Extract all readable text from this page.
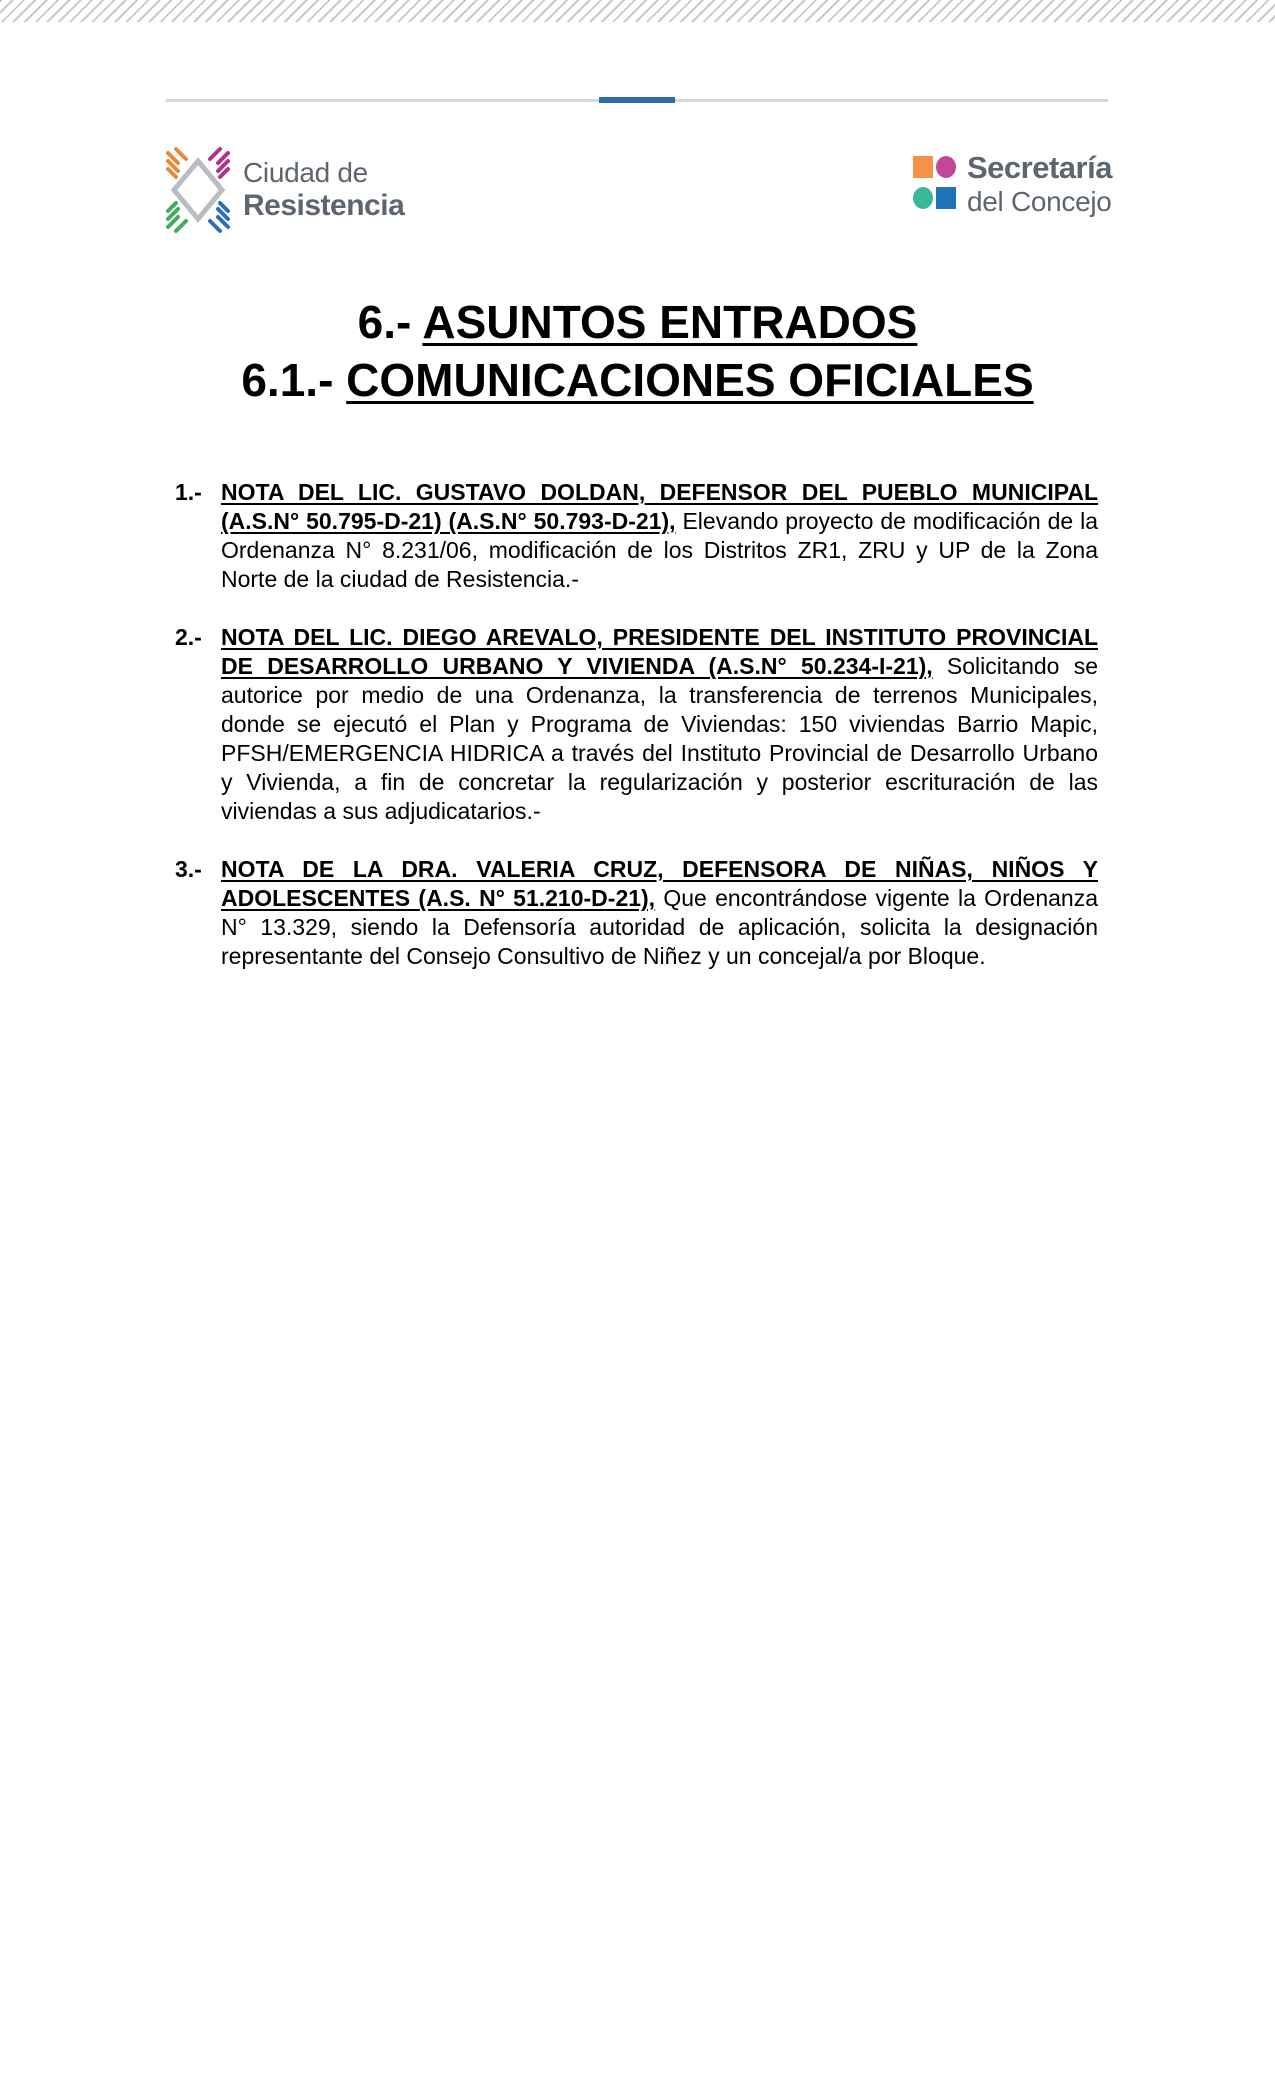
Ciudad de
Resistencia
Secretaría
del Concejo
6.- ASUNTOS ENTRADOS
6.1.- COMUNICACIONES OFICIALES
1.- NOTA DEL LIC. GUSTAVO DOLDAN, DEFENSOR DEL PUEBLO MUNICIPAL (A.S.N° 50.795-D-21) (A.S.N° 50.793-D-21), Elevando proyecto de modificación de la Ordenanza N° 8.231/06, modificación de los Distritos ZR1, ZRU y UP de la Zona Norte de la ciudad de Resistencia.-
2.- NOTA DEL LIC. DIEGO AREVALO, PRESIDENTE DEL INSTITUTO PROVINCIAL DE DESARROLLO URBANO Y VIVIENDA (A.S.N° 50.234-I-21), Solicitando se autorice por medio de una Ordenanza, la transferencia de terrenos Municipales, donde se ejecutó el Plan y Programa de Viviendas: 150 viviendas Barrio Mapic, PFSH/EMERGENCIA HIDRICA a través del Instituto Provincial de Desarrollo Urbano y Vivienda, a fin de concretar la regularización y posterior escrituración de las viviendas a sus adjudicatarios.-
3.- NOTA DE LA DRA. VALERIA CRUZ, DEFENSORA DE NIÑAS, NIÑOS Y ADOLESCENTES (A.S. N° 51.210-D-21), Que encontrándose vigente la Ordenanza N° 13.329, siendo la Defensoría autoridad de aplicación, solicita la designación representante del Consejo Consultivo de Niñez y un concejal/a por Bloque.
